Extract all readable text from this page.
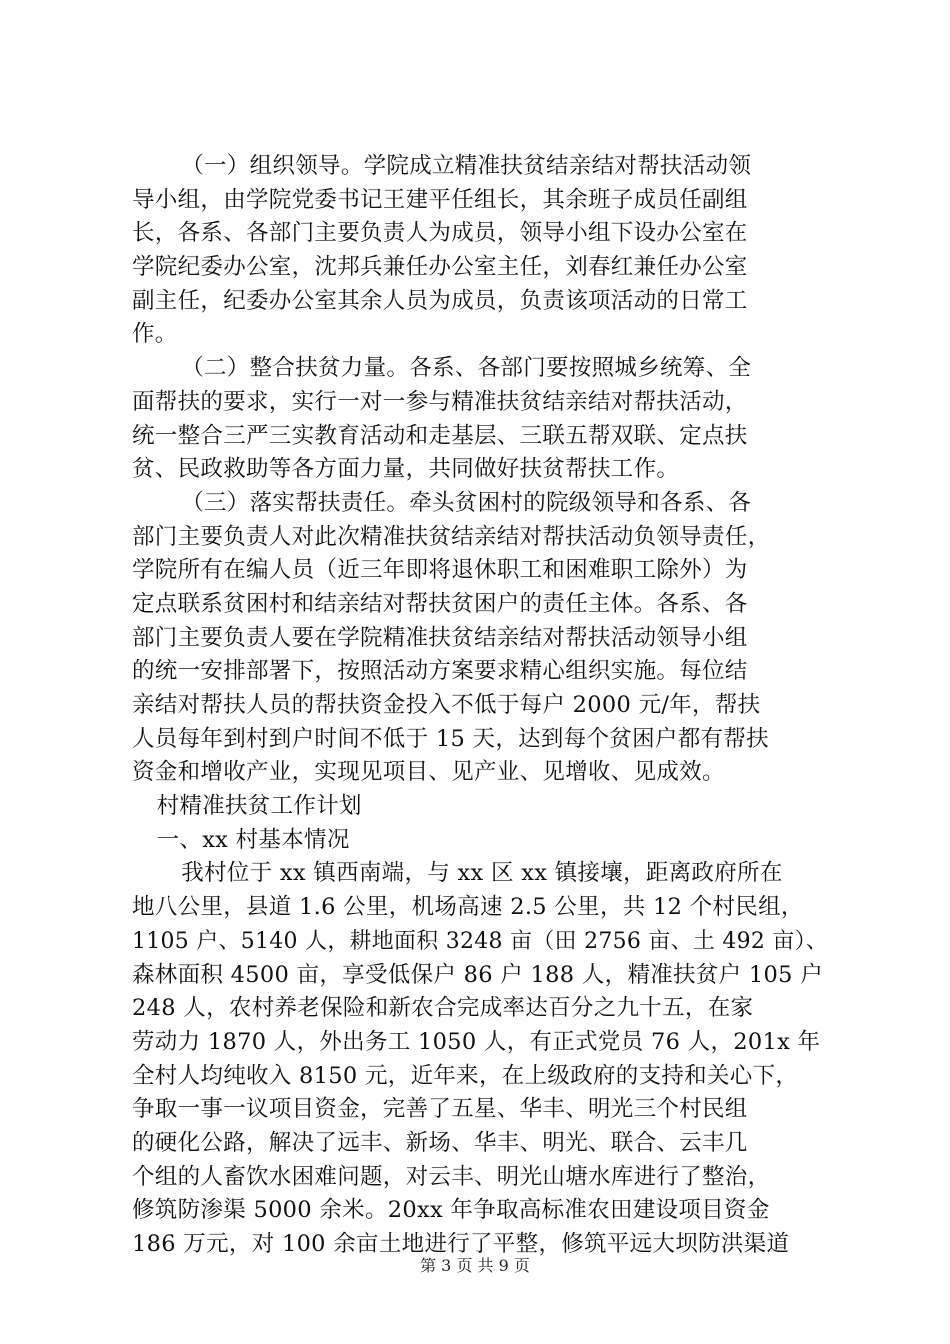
（一）组织领导。学院成立精准扶贫结亲结对帮扶活动领
导小组，由学院党委书记王建平任组长，其余班子成员任副组
长，各系、各部门主要负责人为成员，领导小组下设办公室在
学院纪委办公室，沈邦兵兼任办公室主任，刘春红兼任办公室
副主任，纪委办公室其余人员为成员，负责该项活动的日常工
作。
（二）整合扶贫力量。各系、各部门要按照城乡统筹、全
面帮扶的要求，实行一对一参与精准扶贫结亲结对帮扶活动，
统一整合三严三实教育活动和走基层、三联五帮双联、定点扶
贫、民政救助等各方面力量，共同做好扶贫帮扶工作。
（三）落实帮扶责任。牵头贫困村的院级领导和各系、各
部门主要负责人对此次精准扶贫结亲结对帮扶活动负领导责任，
学院所有在编人员（近三年即将退休职工和困难职工除外）为
定点联系贫困村和结亲结对帮扶贫困户的责任主体。各系、各
部门主要负责人要在学院精准扶贫结亲结对帮扶活动领导小组
的统一安排部署下，按照活动方案要求精心组织实施。每位结
亲结对帮扶人员的帮扶资金投入不低于每户 2000 元/年，帮扶
人员每年到村到户时间不低于 15 天，达到每个贫困户都有帮扶
资金和增收产业，实现见项目、见产业、见增收、见成效。
村精准扶贫工作计划
一、xx 村基本情况
我村位于 xx 镇西南端，与 xx 区 xx 镇接壤，距离政府所在
地八公里，县道 1.6 公里，机场高速 2.5 公里，共 12 个村民组，
1105 户、5140 人，耕地面积 3248 亩（田 2756 亩、土 492 亩）、
森林面积 4500 亩，享受低保户 86 户 188 人，精准扶贫户 105 户
248 人，农村养老保险和新农合完成率达百分之九十五，在家
劳动力 1870 人，外出务工 1050 人，有正式党员 76 人，201x 年
全村人均纯收入 8150 元，近年来，在上级政府的支持和关心下，
争取一事一议项目资金，完善了五星、华丰、明光三个村民组
的硬化公路，解决了远丰、新场、华丰、明光、联合、云丰几
个组的人畜饮水困难问题，对云丰、明光山塘水库进行了整治，
修筑防渗渠 5000 余米。20xx 年争取高标准农田建设项目资金
186 万元，对 100 余亩土地进行了平整，修筑平远大坝防洪渠道
第 3 页 共 9 页
